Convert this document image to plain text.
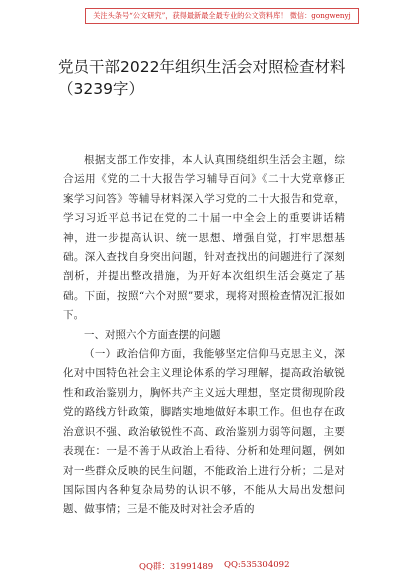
关注头条号“公文研究”，获得最新最全最专业的公文资料库！ 微信：gongwenyj
党员干部2022年组织生活会对照检查材料
（3239字）

根据支部工作安排，本人认真围绕组织生活会主题，综合运用《党的二十大报告学习辅导百问》《二十大党章修正案学习问答》等辅导材料深入学习党的二十大报告和党章，学习习近平总书记在党的二十届一中全会上的重要讲话精神，进一步提高认识、统一思想、增强自觉，打牢思想基础。深入查找自身突出问题，针对查找出的问题进行了深刻剖析，并提出整改措施，为开好本次组织生活会奠定了基础。下面，按照“六个对照”要求，现将对照检查情况汇报如下。

一、对照六个方面查摆的问题

（一）政治信仰方面，我能够坚定信仰马克思主义，深化对中国特色社会主义理论体系的学习理解，提高政治敏锐性和政治鉴别力，胸怀共产主义远大理想，坚定贯彻现阶段党的路线方针政策，脚踏实地地做好本职工作。但也存在政治意识不强、政治敏锐性不高、政治鉴别力弱等问题，主要表现在：一是不善于从政治上看待、分析和处理问题，例如对一些群众反映的民生问题，不能政治上进行分析；二是对国际国内各种复杂局势的认识不够，不能从大局出发想问题、做事情；三是不能及时对社会矛盾的

QQ群：31991489 QQ:535304092
